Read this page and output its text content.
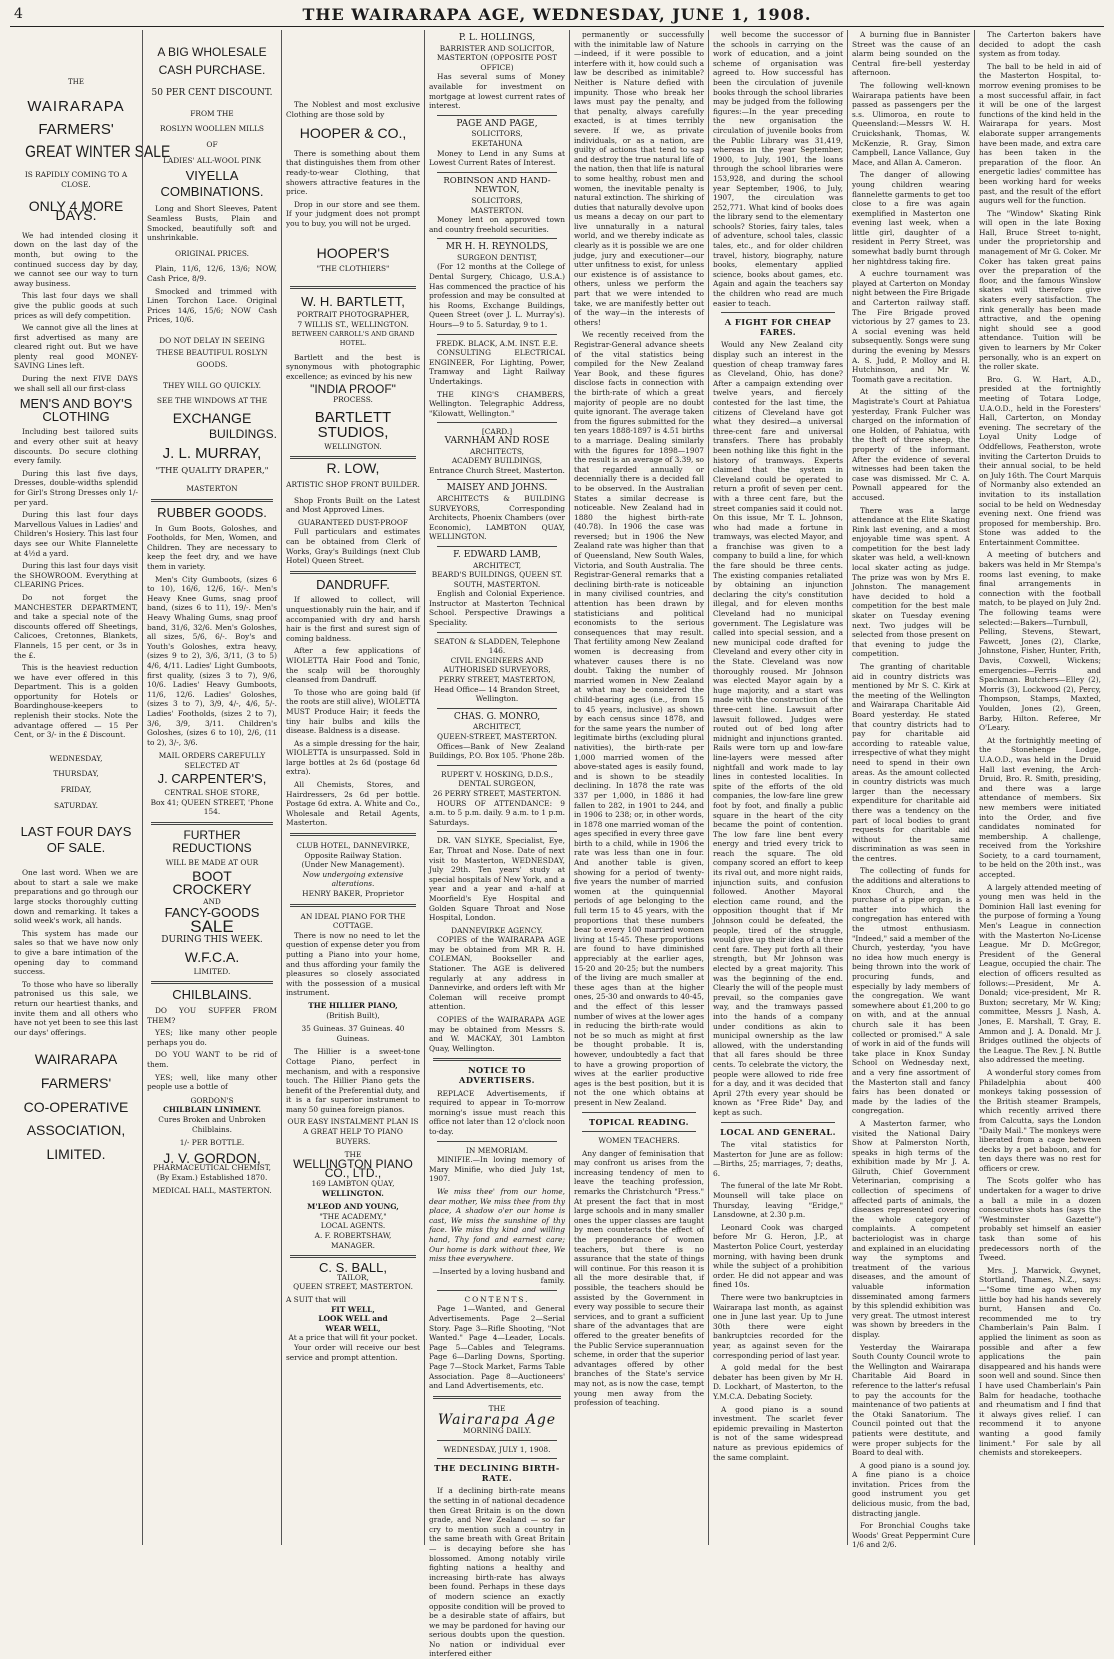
4	THE WAIRARAPA AGE, WEDNESDAY, JUNE 1, 1908.
THE
WAIRARAPA
FARMERS'
GREAT WINTER SALE
IS RAPIDLY COMING TO A CLOSE.
ONLY 4 MORE DAYS.

We had intended closing it down on the last day of the month, but owing to the continued success day by day, we cannot see our way to turn away business.

This last four days we shall give the public goods at such prices as will defy competition.

We cannot give all the lines at first advertised as many are cleared right out. But we have plenty real good MONEY-SAVING Lines left.

During the next FIVE DAYS we shall sell all our first-class

MEN'S AND BOY'S
CLOTHING

Including best tailored suits and every other suit at heavy discounts. Do secure clothing every family.

During this last five days, Dresses, double-widths splendid for Girl's Strong Dresses only 1/- per yard.

During this last four days Marvellous Values in Ladies' and Children's Hosiery. This last four days see our White Flannelette at 4½d a yard.

During this last four days visit the SHOWROOM. Everything at CLEARING Prices.

Do not forget the MANCHESTER DEPARTMENT, and take a special note of the discounts offered off Sheetings, Calicoes, Cretonnes, Blankets, Flannels, 15 per cent, or 3s in the £.

This is the heaviest reduction we have ever offered in this Department. This is a golden opportunity for Hotels or Boardinghouse-keepers to replenish their stocks. Note the advantage offered — 15 Per Cent, or 3/- in the £ Discount.

WEDNESDAY,
THURSDAY,
FRIDAY,
SATURDAY.
LAST FOUR DAYS OF SALE.

One last word. When we are about to start a sale we make preparations and go through our large stocks thoroughly cutting down and remarking. It takes a solid week's work, all hands.

This system has made our sales so that we have now only to give a bare intimation of the opening day to command success.

To those who have so liberally patronised us this sale, we return our heartiest thanks, and invite them and all others who have not yet been to see this last our days' offerings.

WAIRARAPA
FARMERS'
CO-OPERATIVE
ASSOCIATION,
LIMITED.
A BIG WHOLESALE
CASH PURCHASE.
50 PER CENT DISCOUNT.
FROM THE
ROSLYN WOOLLEN MILLS
OF
LADIES' ALL-WOOL PINK
VIYELLA
COMBINATIONS.

Long and Short Sleeves, Patent Seamless Busts, Plain and Smocked, beautifully soft and unshrinkable.

ORIGINAL PRICES.

Plain, 11/6, 12/6, 13/6; NOW, Cash Price, 8/9.

Smocked and trimmed with Linen Torchon Lace. Original Prices 14/6, 15/6; NOW Cash Prices, 10/6.

DO NOT DELAY IN SEEING THESE BEAUTIFUL ROSLYN GOODS.
THEY WILL GO QUICKLY.
SEE THE WINDOWS AT THE
EXCHANGE
BUILDINGS.
J. L. MURRAY,
"THE QUALITY DRAPER,"
MASTERTON
RUBBER GOODS.

In Gum Boots, Goloshes, and Footholds, for Men, Women, and Children. They are necessary to keep the feet dry, and we have them in variety.

Men's City Gumboots, (sizes 6 to 10), 16/6, 12/6, 16/-. Men's Heavy Knee Gums, snag proof band, (sizes 6 to 11), 19/-. Men's Heavy Whaling Gums, snag proof band, 31/6, 32/6. Men's Goloshes, all sizes, 5/6, 6/-. Boy's and Youth's Goloshes, extra heavy, (sizes 9 to 2), 3/6, 3/11, (3 to 5) 4/6, 4/11. Ladies' Light Gumboots, first quality, (sizes 3 to 7), 9/6, 10/6. Ladies' Heavy Gumboots, 11/6, 12/6. Ladies' Goloshes, (sizes 3 to 7), 3/9, 4/-, 4/6, 5/-. Ladies' Footholds, (sizes 2 to 7), 3/6, 3/9, 3/11. Children's Goloshes, (sizes 6 to 10), 2/6, (11 to 2), 3/-, 3/6.

MAIL ORDERS CAREFULLY SELECTED AT
J. CARPENTER'S,
CENTRAL SHOE STORE,
Box 41; QUEEN STREET, 'Phone 154.
FURTHER
REDUCTIONS
WILL BE MADE AT OUR
BOOT
CROCKERY
AND
FANCY-GOODS
SALE
DURING THIS WEEK.
W.F.C.A.
LIMITED.
CHILBLAINS.

DO YOU SUFFER FROM THEM?

YES; like many other people perhaps you do.

DO YOU WANT to be rid of them.

YES; well, like many other people use a bottle of

GORDON'S
CHILBLAIN LINIMENT.
Cures Broken and Unbroken Chilblains.
1/- PER BOTTLE.
J. V. GORDON,
PHARMACEUTICAL CHEMIST,
(By Exam.) Established 1870.
MEDICAL HALL, MASTERTON.

The Noblest and most exclusive Clothing are those sold by

HOOPER & CO.,

There is something about them that distinguishes them from other ready-to-wear Clothing, that showers attractive features in the price.

Drop in our store and see them. If your judgment does not prompt you to buy, you will not be urged.

HOOPER'S
"THE CLOTHIERS"
W. H. BARTLETT,
PORTRAIT PHOTOGRAPHER,
7 WILLIS ST., WELLINGTON.
BETWEEN CARROLL'S AND GRAND HOTEL.

Bartlett and the best is synonymous with photographic excellence; as evinced by his new

"INDIA PROOF"
PROCESS.
BARTLETT
STUDIOS,
WELLINGTON.
R. LOW,
ARTISTIC SHOP FRONT BUILDER.

Shop Fronts Built on the Latest and Most Approved Lines.

GUARANTEED DUST-PROOF

Full particulars and estimates can be obtained from Clerk of Works, Gray's Buildings (next Club Hotel) Queen Street.

DANDRUFF.

If allowed to collect, will unquestionably ruin the hair, and if accompanied with dry and harsh hair is the first and surest sign of coming baldness.

After a few applications of WIOLETTA Hair Food and Tonic, the scalp will be thoroughly cleansed from Dandruff.

To those who are going bald (if the roots are still alive), WIOLETTA MUST Produce Hair; it feeds the tiny hair bulbs and kills the disease. Baldness is a disease.

As a simple dressing for the hair, WIOLETTA is unsurpassed. Sold in large bottles at 2s 6d (postage 6d extra).

All Chemists, Stores, and Hairdressers, 2s 6d per bottle. Postage 6d extra. A. White and Co., Wholesale and Retail Agents, Masterton.

CLUB HOTEL, DANNEVIRKE, Opposite Railway Station.
(Under New Management).
Now undergoing extensive alterations.
HENRY BAKER, Proprietor
AN IDEAL PIANO FOR THE COTTAGE.

There is now no need to let the question of expense deter you from putting a Piano into your home, and thus affording your family the pleasures so closely associated with the possession of a musical instrument.

THE HILLIER PIANO,
(British Built),
35 Guineas. 37 Guineas. 40 Guineas.

The Hillier is a sweet-tone Cottage Piano, perfect in mechanism, and with a responsive touch. The Hillier Piano gets the benefit of the Preferential duty, and it is a far superior instrument to many 50 guinea foreign pianos.

OUR EASY INSTALMENT PLAN IS A GREAT HELP TO PIANO BUYERS.
THE
WELLINGTON PIANO CO., LTD.,
169 LAMBTON QUAY,
WELLINGTON.
M'LEOD AND YOUNG,
"THE ACADEMY,"
LOCAL AGENTS.
A. F. ROBERTSHAW,
MANAGER.
C. S. BALL,
TAILOR,
QUEEN STREET, MASTERTON.
A SUIT that will
FIT WELL,
LOOK WELL and
WEAR WELL,
At a price that will fit your pocket.

Your order will receive our best service and prompt attention.

P. L. HOLLINGS,
BARRISTER AND SOLICITOR,
MASTERTON (OPPOSITE POST OFFICE)

Has several sums of Money available for investment on mortgage at lowest current rates of interest.

PAGE AND PAGE,
SOLICITORS,
EKETAHUNA

Money to Lend in any Sums at Lowest Current Rates of Interest.

ROBINSON AND HAND-NEWTON,
SOLICITORS,
MASTERTON.

Money lent on approved town and country freehold securities.

MR H. H. REYNOLDS,
SURGEON DENTIST,

(For 12 months at the College of Dental Surgery, Chicago, U.S.A.) Has commenced the practice of his profession and may be consulted at his Rooms, Exchange Buildings, Queen Street (over J. L. Murray's). Hours—9 to 5. Saturday, 9 to 1.

FREDK. BLACK, A.M. INST. E.E.

CONSULTING ELECTRICAL ENGINEER, For Lighting, Power, Tramway and Light Railway Undertakings.

THE KING'S CHAMBERS, Wellington. Telegraphic Address, "Kilowatt, Wellington."

[CARD.]
VARNHAM AND ROSE
ARCHITECTS,
ACADEMY BUILDINGS,
Entrance Church Street, Masterton.
MAISEY AND JOHNS.

ARCHITECTS & BUILDING SURVEYORS, Corresponding Architects, Phoenix Chambers (over Economic), LAMBTON QUAY, WELLINGTON.

F. EDWARD LAMB,
ARCHITECT,
BEARD'S BUILDINGS, QUEEN ST. SOUTH, MASTERTON.

English and Colonial Experience. Instructor at Masterton Technical School. Perspective Drawings a Speciality.

SEATON & SLADDEN, Telephone 146.
CIVIL ENGINEERS AND AUTHORISED SURVEYORS,
PERRY STREET, MASTERTON,
Head Office— 14 Brandon Street, Wellington.
CHAS. G. MONRO,
ARCHITECT,
QUEEN-STREET, MASTERTON.

Offices—Bank of New Zealand Buildings, P.O. Box 105. 'Phone 28b.

RUPERT V. HOSKING, D.D.S.,
DENTAL SURGEON,
26 PERRY STREET, MASTERTON.

HOURS OF ATTENDANCE: 9 a.m. to 5 p.m. daily. 9 a.m. to 1 p.m. Saturdays.

DR. VAN SLYKE, Specialist, Eye, Ear, Throat and Nose. Date of next visit to Masterton, WEDNESDAY, July 29th. Ten years' study at special hospitals of New York, and a year and a year and a-half at Moorfield's Eye Hospital and Golden Square Throat and Nose Hospital, London.

DANNEVIRKE AGENCY.

COPIES of the WAIRARAPA AGE may be obtained from MR R. H. COLEMAN, Bookseller and Stationer. The AGE is delivered regularly at any address in Dannevirke, and orders left with Mr Coleman will receive prompt attention.

COPIES of the WAIRARAPA AGE may be obtained from Messrs S. and W. MACKAY, 301 Lambton Quay, Wellington.

NOTICE TO ADVERTISERS.

REPLACE Advertisements, if required to appear in To-morrow morning's issue must reach this office not later than 12 o'clock noon to-day.

IN MEMORIAM.

MINIFIE.—In loving memory of Mary Minifie, who died July 1st, 1907.

We miss thee' from our home, dear mother, We miss thee from thy place, A shadow o'er our home is cast, We miss the sunshine of thy face. We miss thy kind and willing hand, Thy fond and earnest care; Our home is dark without thee, We miss thee everywhere.

—Inserted by a loving husband and family.
CONTENTS.

Page 1—Wanted, and General Advertisements. Page 2—Serial Story. Page 3—Rifle Shooting, "Not Wanted." Page 4—Leader, Locals. Page 5—Cables and Telegrams. Page 6—Darling Downs, Sporting. Page 7—Stock Market, Farms Table Association. Page 8—Auctioneers' and Land Advertisements, etc.

THE
Wairarapa Age
MORNING DAILY.
WEDNESDAY, JULY 1, 1908.
THE DECLINING BIRTH-RATE.

If a declining birth-rate means the setting in of national decadence then Great Britain is on the down grade, and New Zealand — so far cry to mention such a country in the same breath with Great Britain — is decaying before she has blossomed. Among notably virile fighting nations a healthy and increasing birth-rate has always been found. Perhaps in these days of modern science an exactly opposite condition will be proved to be a desirable state of affairs, but we may be pardoned for having our serious doubts upon the question. No nation or individual ever interfered either

permanently or successfully with the inimitable law of Nature—indeed, if it were possible to interfere with it, how could such a law be described as inimitable? Neither is Nature defied with impunity. Those who break her laws must pay the penalty, and that penalty, always carefully exacted, is at times terribly severe. If we, as private individuals, or as a nation, are guilty of actions that tend to sap and destroy the true natural life of the nation, then that life is natural to some healthy, robust men and women, the inevitable penalty is natural extinction. The shirking of duties that naturally devolve upon us means a decay on our part to live unnaturally in a natural world, and we thereby indicate as clearly as it is possible we are one judge, jury and executioner—our utter unfitness to exist, for unless our existence is of assistance to others, unless we perform the part that we were intended to take, we are manifestly better out of the way—in the interests of others!

We recently received from the Registrar-General advance sheets of the vital statistics being compiled for the New Zealand Year Book, and these figures disclose facts in connection with the birth-rate of which a great majority of people are no doubt quite ignorant. The average taken from the figures submitted for the ten years 1888-1897 is 4.51 births to a marriage. Dealing similarly with the figures for 1898—1907 the result is an average of 3.39, so that regarded annually or decennially there is a decided fall to be observed. In the Australian States a similar decrease is noticeable. New Zealand had in 1880 the highest birth-rate (40.78). In 1906 the case was reversed; but in 1906 the New Zealand rate was higher than that of Queensland, New South Wales, Victoria, and South Australia. The Registrar-General remarks that a declining birth-rate is noticeable in many civilised countries, and attention has been drawn by statisticians and political economists to the serious consequences that may result. That fertility among New Zealand women is decreasing from whatever causes there is no doubt. Taking the number of married women in New Zealand at what may be considered the child-bearing ages (i.e., from 15 to 45 years, inclusive) as shown by each census since 1878, and for the same years the number of legitimate births (excluding plural nativities), the birth-rate per 1,000 married women of the above-stated ages is easily found, and is shown to be steadily declining. In 1878 the rate was 337 per 1,000, in 1886 it had fallen to 282, in 1901 to 244, and in 1906 to 238; or, in other words, in 1878 one married woman of the ages specified in every three gave birth to a child, while in 1906 the rate was less than one in four. And another table is given, showing for a period of twenty-five years the number of married women at the quinquennial periods of age belonging to the full term 15 to 45 years, with the proportions that these numbers bear to every 100 married women living at 15-45. These proportions are found to have diminished appreciably at the earlier ages, 15-20 and 20-25; but the numbers of the living are much smaller at these ages than at the higher ones, 25-30 and onwards to 40-45, and the effect of this lesser number of wives at the lower ages in reducing the birth-rate would not be so much as might at first be thought probable. It is, however, undoubtedly a fact that to have a growing proportion of wives at the earlier productive ages is the best position, but it is not the one which obtains at present in New Zealand.

TOPICAL READING.
WOMEN TEACHERS.

Any danger of feminisation that may confront us arises from the increasing tendency of men to leave the teaching profession, remarks the Christchurch "Press." At present the fact that in most large schools and in many smaller ones the upper classes are taught by men counteracts the effect of the preponderance of women teachers, but there is no assurance that the state of things will continue. For this reason it is all the more desirable that, if possible, the teachers should be assisted by the Government in every way possible to secure their services, and to grant a sufficient share of the advantages that are offered to the greater benefits of the Public Service superannuation scheme, in order that the superior advantages offered by other branches of the State's service may not, as is now the case, tempt young men away from the profession of teaching.

well become the successor of the schools in carrying on the work of education, and a joint scheme of organisation was agreed to. How successful has been the circulation of juvenile books through the school libraries may be judged from the following figures:—In the year preceding the new organisation the circulation of juvenile books from the Public Library was 31,419, whereas in the year September, 1900, to July, 1901, the loans through the school libraries were 153,928, and during the school year September, 1906, to July, 1907, the circulation was 252,771. What kind of books does the library send to the elementary schools? Stories, fairy tales, tales of adventure, school tales, classic tales, etc., and for older children travel, history, biography, nature books, elementary applied science, books about games, etc. Again and again the teachers say the children who read are much easier to teach.

A FIGHT FOR CHEAP FARES.

Would any New Zealand city display such an interest in the question of cheap tramway fares as Cleveland, Ohio, has done? After a campaign extending over twelve years, and fiercely contested for the last time, the citizens of Cleveland have got what they desired—a universal three-cent fare and universal transfers. There has probably been nothing like this fight in the history of tramways. Experts claimed that the system in Cleveland could be operated to return a profit of seven per cent. with a three cent fare, but the street companies said it could not. On this issue, Mr T. L. Johnson, who had made a fortune in tramways, was elected Mayor, and a franchise was given to a company to build a line, for which the fare should be three cents. The existing companies retaliated by obtaining an injunction declaring the city's constitution illegal, and for eleven months Cleveland had no municipal government. The Legislature was called into special session, and a new municipal code drafted for Cleveland and every other city in the State. Cleveland was now thoroughly roused. Mr Johnson was elected Mayor again by a huge majority, and a start was made with the construction of the three-cent line. Lawsuit after lawsuit followed. Judges were routed out of bed long after midnight and injunctions granted. Rails were torn up and low-fare line-layers were messed after nightfall and work made to lay lines in contested localities. In spite of the efforts of the old companies, the low-fare line grew foot by foot, and finally a public square in the heart of the city became the point of contention. The low fare line bent every energy and tried every trick to reach the square. The old company scored an effort to keep its rival out, and more night raids, injunction suits, and confusion followed. Another Mayoral election came round, and the opposition thought that if Mr Johnson could be defeated, the people, tired of the struggle, would give up their idea of a three cent fare. They put forth all their strength, but Mr Johnson was elected by a great majority. This was the beginning of the end. Clearly the will of the people must prevail, so the companies gave way, and the tramways passed into the hands of a company under conditions as akin to municipal ownership as the law allowed, with the understanding that all fares should be three cents. To celebrate the victory, the people were allowed to ride free for a day, and it was decided that April 27th every year should be known as "Free Ride" Day, and kept as such.

LOCAL AND GENERAL.

The vital statistics for Masterton for June are as follow:—Births, 25; marriages, 7; deaths, 6.

The funeral of the late Mr Robt. Mounsell will take place on Thursday, leaving "Eridge," Lansdowne, at 2.30 p.m.

Leonard Cook was charged before Mr G. Heron, J.P., at Masterton Police Court, yesterday morning, with having been drunk while the subject of a prohibition order. He did not appear and was fined 10s.

There were two bankruptcies in Wairarapa last month, as against one in June last year. Up to June 30th there were eight bankruptcies recorded for the year, as against seven for the corresponding period of last year.

A gold medal for the best debater has been given by Mr H. D. Lockhart, of Masterton, to the Y.M.C.A. Debating Society.

A good piano is a sound investment. The scarlet fever epidemic prevailing in Masterton is not of the same widespread nature as previous epidemics of the same complaint.

A burning flue in Bannister Street was the cause of an alarm being sounded on the Central fire-bell yesterday afternoon.

The following well-known Wairarapa patients have been passed as passengers per the s.s. Ulimoroa, en route to Queensland:—Messrs W. H. Cruickshank, Thomas, W. McKenzie, R. Gray, Simon Campbell, Lance Vallance, Guy Mace, and Allan A. Cameron.

The danger of allowing young children wearing flannelette garments to get too close to a fire was again exemplified in Masterton one evening last week, when a little girl, daughter of a resident in Perry Street, was somewhat badly burnt through her nightdress taking fire.

A euchre tournament was played at Carterton on Monday night between the Fire Brigade and Carterton railway staff. The Fire Brigade proved victorious by 27 games to 23. A social evening was held subsequently. Songs were sung during the evening by Messrs A. S. Judd, P. Molloy and H. Hutchinson, and Mr W. Toomath gave a recitation.

At the sitting of the Magistrate's Court at Pahiatua yesterday, Frank Fulcher was charged on the information of one Holden, of Pahiatua, with the theft of three sheep, the property of the informant. After the evidence of several witnesses had been taken the case was dismissed. Mr C. A. Pownall appeared for the accused.

There was a large attendance at the Elite Skating Rink last evening, and a most enjoyable time was spent. A competition for the best lady skater was held, a well-known local skater acting as judge. The prize was won by Mrs E. Johnston. The management have decided to hold a competition for the best male skater on Tuesday evening next. Two judges will be selected from those present on that evening to judge the competition.

The granting of charitable aid in country districts was mentioned by Mr S. C. Kirk at the meeting of the Wellington and Wairarapa Charitable Aid Board yesterday. He stated that country districts had to pay for charitable aid according to rateable value, irrespective of what they might need to spend in their own areas. As the amount collected in country districts was much larger than the necessary expenditure for charitable aid there was a tendency on the part of local bodies to grant requests for charitable aid without the same discrimination as was seen in the centres.

The collecting of funds for the additions and alterations to Knox Church, and the purchase of a pipe organ, is a matter into which the congregation has entered with the utmost enthusiasm. "Indeed," said a member of the Church, yesterday, "you have no idea how much energy is being thrown into the work of procuring funds, and especially by lady members of the congregation. We want somewhere about £1,200 to go on with, and at the annual church sale it has been collected or promised." A sale of work in aid of the funds will take place in Knox Sunday School on Wednesday next, and a very fine assortment of the Masterton stall and fancy fairs has been donated or made by the ladies of the congregation.

A Masterton farmer, who visited the National Dairy Show at Palmerston North, speaks in high terms of the exhibition made by Mr J. A. Gilruth, Chief Government Veterinarian, comprising a collection of specimens of affected parts of animals, the diseases represented covering the whole category of complaints. A competent bacteriologist was in charge and explained in an elucidating way the symptoms and treatment of the various diseases, and the amount of valuable information disseminated among farmers by this splendid exhibition was very great. The utmost interest was shown by breeders in the display.

Yesterday the Wairarapa South County Council wrote to the Wellington and Wairarapa Charitable Aid Board in reference to the latter's refusal to pay the accounts for the maintenance of two patients at the Otaki Sanatorium. The Council pointed out that the patients were destitute, and were proper subjects for the Board to deal with.

A good piano is a sound joy. A fine piano is a choice invitation. Prices from the good instrument you get delicious music, from the bad, distracting jangle.

For Bronchial Coughs take Woods' Great Peppermint Cure 1/6 and 2/6.

The Carterton bakers have decided to adopt the cash system as from today.

The ball to be held in aid of the Masterton Hospital, to-morrow evening promises to be a most successful affair, in fact it will be one of the largest functions of the kind held in the Wairarapa for years. Most elaborate supper arrangements have been made, and extra care has been taken in the preparation of the floor. An energetic ladies' committee has been working hard for weeks past, and the result of the effort augurs well for the function.

The "Window" Skating Rink will open in the late Boxing Hall, Bruce Street to-night, under the proprietorship and management of Mr G. Coker. Mr Coker has taken great pains over the preparation of the floor, and the famous Winslow skates will therefore give skaters every satisfaction. The rink generally has been made attractive, and the opening night should see a good attendance. Tuition will be given to learners by Mr Coker personally, who is an expert on the roller skate.

Bro. G. W. Hart, A.D., presided at the fortnightly meeting of Totara Lodge, U.A.O.D., held in the Foresters' Hall, Carterton, on Monday evening. The secretary of the Loyal Unity Lodge of Oddfellows, Featherston, wrote inviting the Carterton Druids to their annual social, to be held on July 16th. The Court Marquis of Normanby also extended an invitation to its installation social to be held on Wednesday evening next. One friend was proposed for membership. Bro. Stone was added to the Entertainment Committee.

A meeting of butchers and bakers was held in Mr Stempa's rooms last evening, to make final arrangements in connection with the football match, to be played on July 2nd. The following teams were selected:—Bakers—Turnbull, Pelling, Stevens, Stewart, Fawcett, Jones (2), Clarke, Johnstone, Fisher, Hunter, Frith, Davis, Coxwell, Wickens; emergencies—Ferris and Spackman. Butchers—Elley (2), Morris (3), Lockwood (2), Percy, Thompson, Stamps, Maxted, Youlden, Jones (2), Green, Barby, Hilton. Referee, Mr O'Leary.

At the fortnightly meeting of the Stonehenge Lodge, U.A.O.D., was held in the Druid Hall last evening, the Arch-Druid, Bro. R. Smith, presiding, and there was a large attendance of members. Six new members were initiated into the Order, and five candidates nominated for membership. A challenge, received from the Yorkshire Society, to a card tournament, to be held on the 20th inst., was accepted.

A largely attended meeting of young men was held in the Dominion Hall last evening for the purpose of forming a Young Men's League in connection with the Masterton No-License League. Mr D. McGregor, President of the General League, occupied the chair. The election of officers resulted as follows:—President, Mr A. Donald; vice-president, Mr R. Buxton; secretary, Mr W. King; committee, Messrs J. Nash, A. Jones, E. Marshall, T. Gray, E. Ammon and J. A. Donald. Mr J. Bridges outlined the objects of the League. The Rev. J. N. Buttle also addressed the meeting.

A wonderful story comes from Philadelphia about 400 monkeys taking possession of the British steamer Brampels, which recently arrived there from Calcutta, says the London "Daily Mail." The monkeys were liberated from a cage between decks by a pet baboon, and for ten days there was no rest for officers or crew.

The Scots golfer who has undertaken for a wager to drive a ball a mile in a dozen consecutive shots has (says the "Westminster Gazette") probably set himself an easier task than some of his predecessors north of the Tweed.

Mrs. J. Marwick, Gwynet, Stortland, Thames, N.Z., says:—"Some time ago when my little boy had his hands severely burnt, Hansen and Co. recommended me to try Chamberlain's Pain Balm. I applied the liniment as soon as possible and after a few applications the pain disappeared and his hands were soon well and sound. Since then I have used Chamberlain's Pain Balm for headache, toothache and rheumatism and I find that it always gives relief. I can recommend it to anyone wanting a good family liniment." For sale by all chemists and storekeepers.
